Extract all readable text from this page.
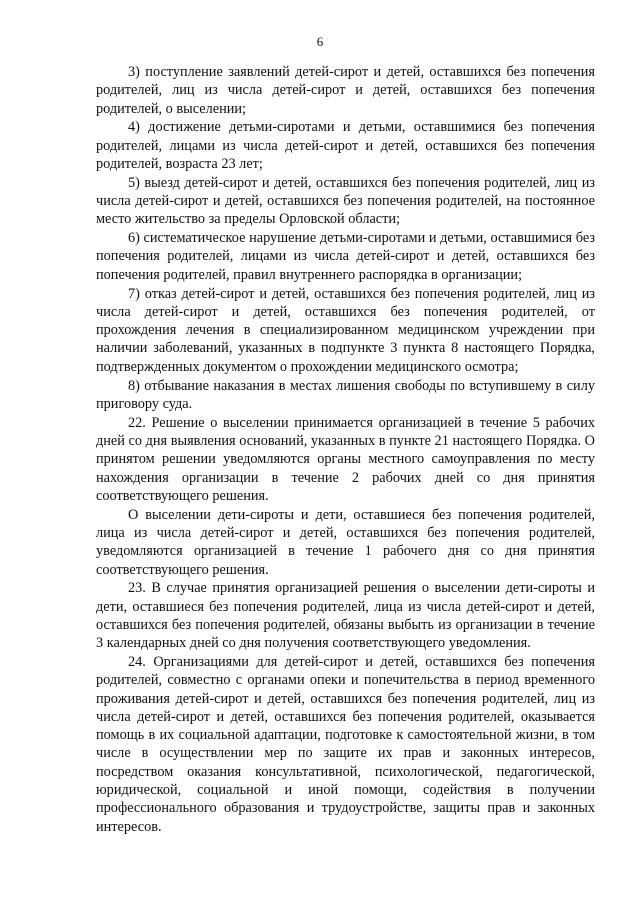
6

3) поступление заявлений детей-сирот и детей, оставшихся без попечения родителей, лиц из числа детей-сирот и детей, оставшихся без попечения родителей, о выселении;

4) достижение детьми-сиротами и детьми, оставшимися без попечения родителей, лицами из числа детей-сирот и детей, оставшихся без попечения родителей, возраста 23 лет;

5) выезд детей-сирот и детей, оставшихся без попечения родителей, лиц из числа детей-сирот и детей, оставшихся без попечения родителей, на постоянное место жительство за пределы Орловской области;

6) систематическое нарушение детьми-сиротами и детьми, оставшимися без попечения родителей, лицами из числа детей-сирот и детей, оставшихся без попечения родителей, правил внутреннего распорядка в организации;

7) отказ детей-сирот и детей, оставшихся без попечения родителей, лиц из числа детей-сирот и детей, оставшихся без попечения родителей, от прохождения лечения в специализированном медицинском учреждении при наличии заболеваний, указанных в подпункте 3 пункта 8 настоящего Порядка, подтвержденных документом о прохождении медицинского осмотра;

8) отбывание наказания в местах лишения свободы по вступившему в силу приговору суда.

22. Решение о выселении принимается организацией в течение 5 рабочих дней со дня выявления оснований, указанных в пункте 21 настоящего Порядка. О принятом решении уведомляются органы местного самоуправления по месту нахождения организации в течение 2 рабочих дней со дня принятия соответствующего решения.

О выселении дети-сироты и дети, оставшиеся без попечения родителей, лица из числа детей-сирот и детей, оставшихся без попечения родителей, уведомляются организацией в течение 1 рабочего дня со дня принятия соответствующего решения.

23. В случае принятия организацией решения о выселении дети-сироты и дети, оставшиеся без попечения родителей, лица из числа детей-сирот и детей, оставшихся без попечения родителей, обязаны выбыть из организации в течение 3 календарных дней со дня получения соответствующего уведомления.

24. Организациями для детей-сирот и детей, оставшихся без попечения родителей, совместно с органами опеки и попечительства в период временного проживания детей-сирот и детей, оставшихся без попечения родителей, лиц из числа детей-сирот и детей, оставшихся без попечения родителей, оказывается помощь в их социальной адаптации, подготовке к самостоятельной жизни, в том числе в осуществлении мер по защите их прав и законных интересов, посредством оказания консультативной, психологической, педагогической, юридической, социальной и иной помощи, содействия в получении профессионального образования и трудоустройстве, защиты прав и законных интересов.
